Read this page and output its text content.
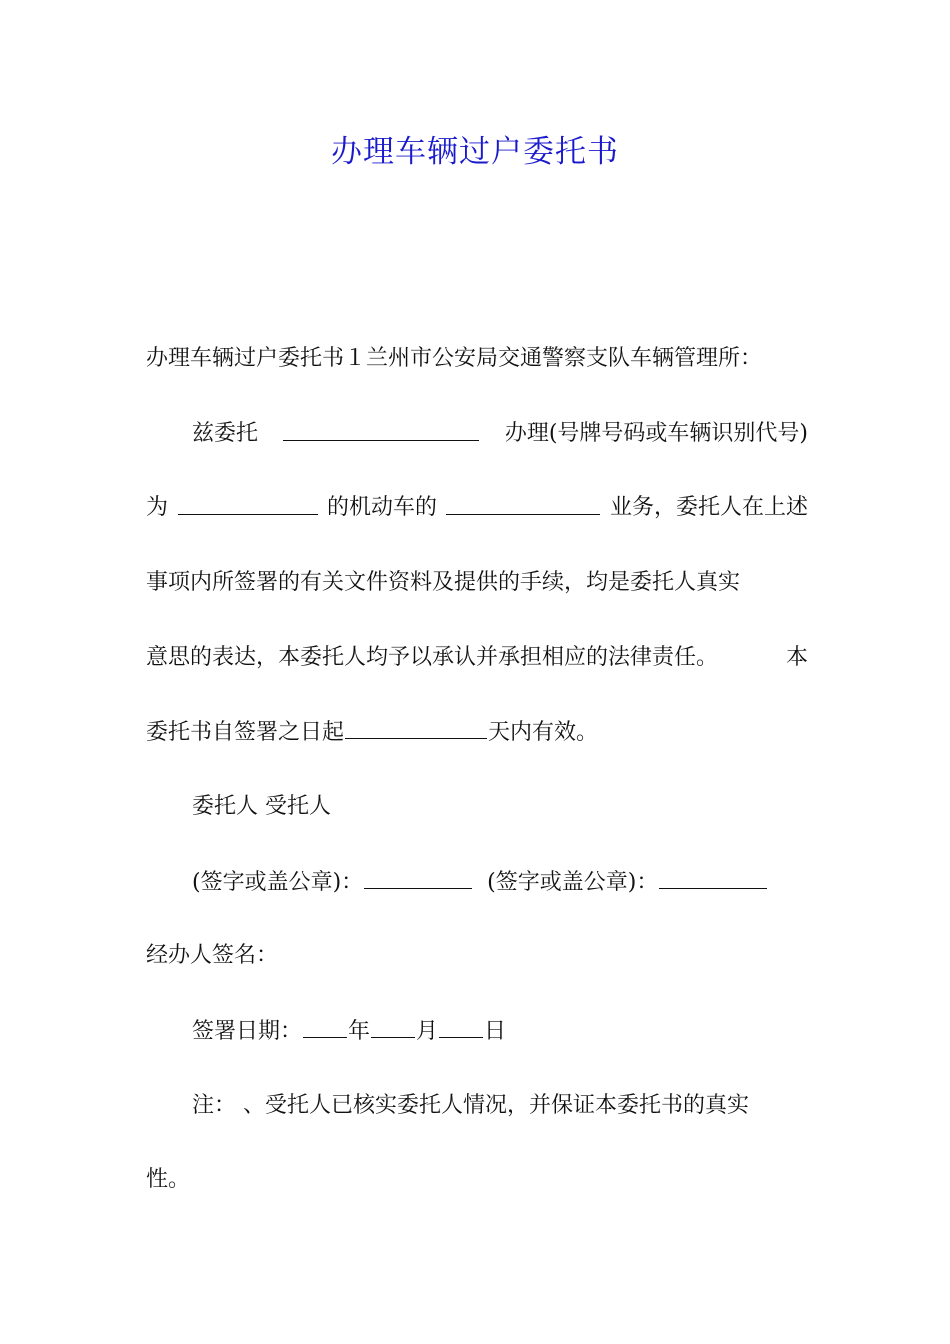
办理车辆过户委托书
办理车辆过户委托书１兰州市公安局交通警察支队车辆管理所：
兹委托	办理(号牌号码或车辆识别代号)
为	的机动车的	业务，委托人在上述
事项内所签署的有关文件资料及提供的手续，均是委托人真实
意思的表达，本委托人均予以承认并承担相应的法律责任。	本
委托书自签署之日起	天内有效。
委托人 受托人
(签字或盖公章)：	(签字或盖公章)：
经办人签名：
签署日期： 年 月 日
注： 、受托人已核实委托人情况，并保证本委托书的真实
性。
